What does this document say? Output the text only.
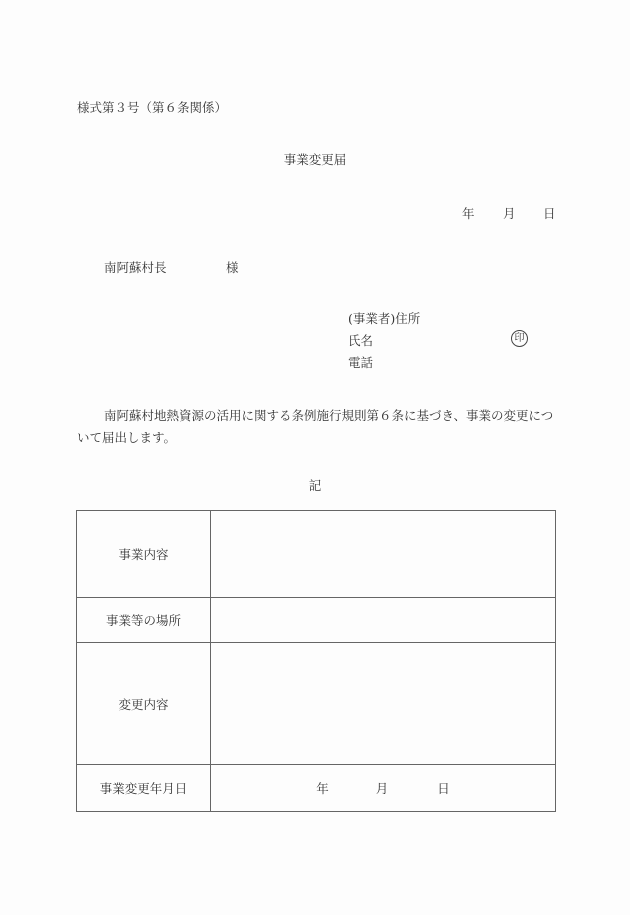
様式第３号（第６条関係）
事業変更届
年 月 日
南阿蘇村長	様
(事業者)住所
氏名	印
電話
南阿蘇村地熱資源の活用に関する条例施行規則第６条に基づき、事業の変更について届出します。
記
事業内容	
事業等の場所	
変更内容	
事業変更年月日	年 月 日
